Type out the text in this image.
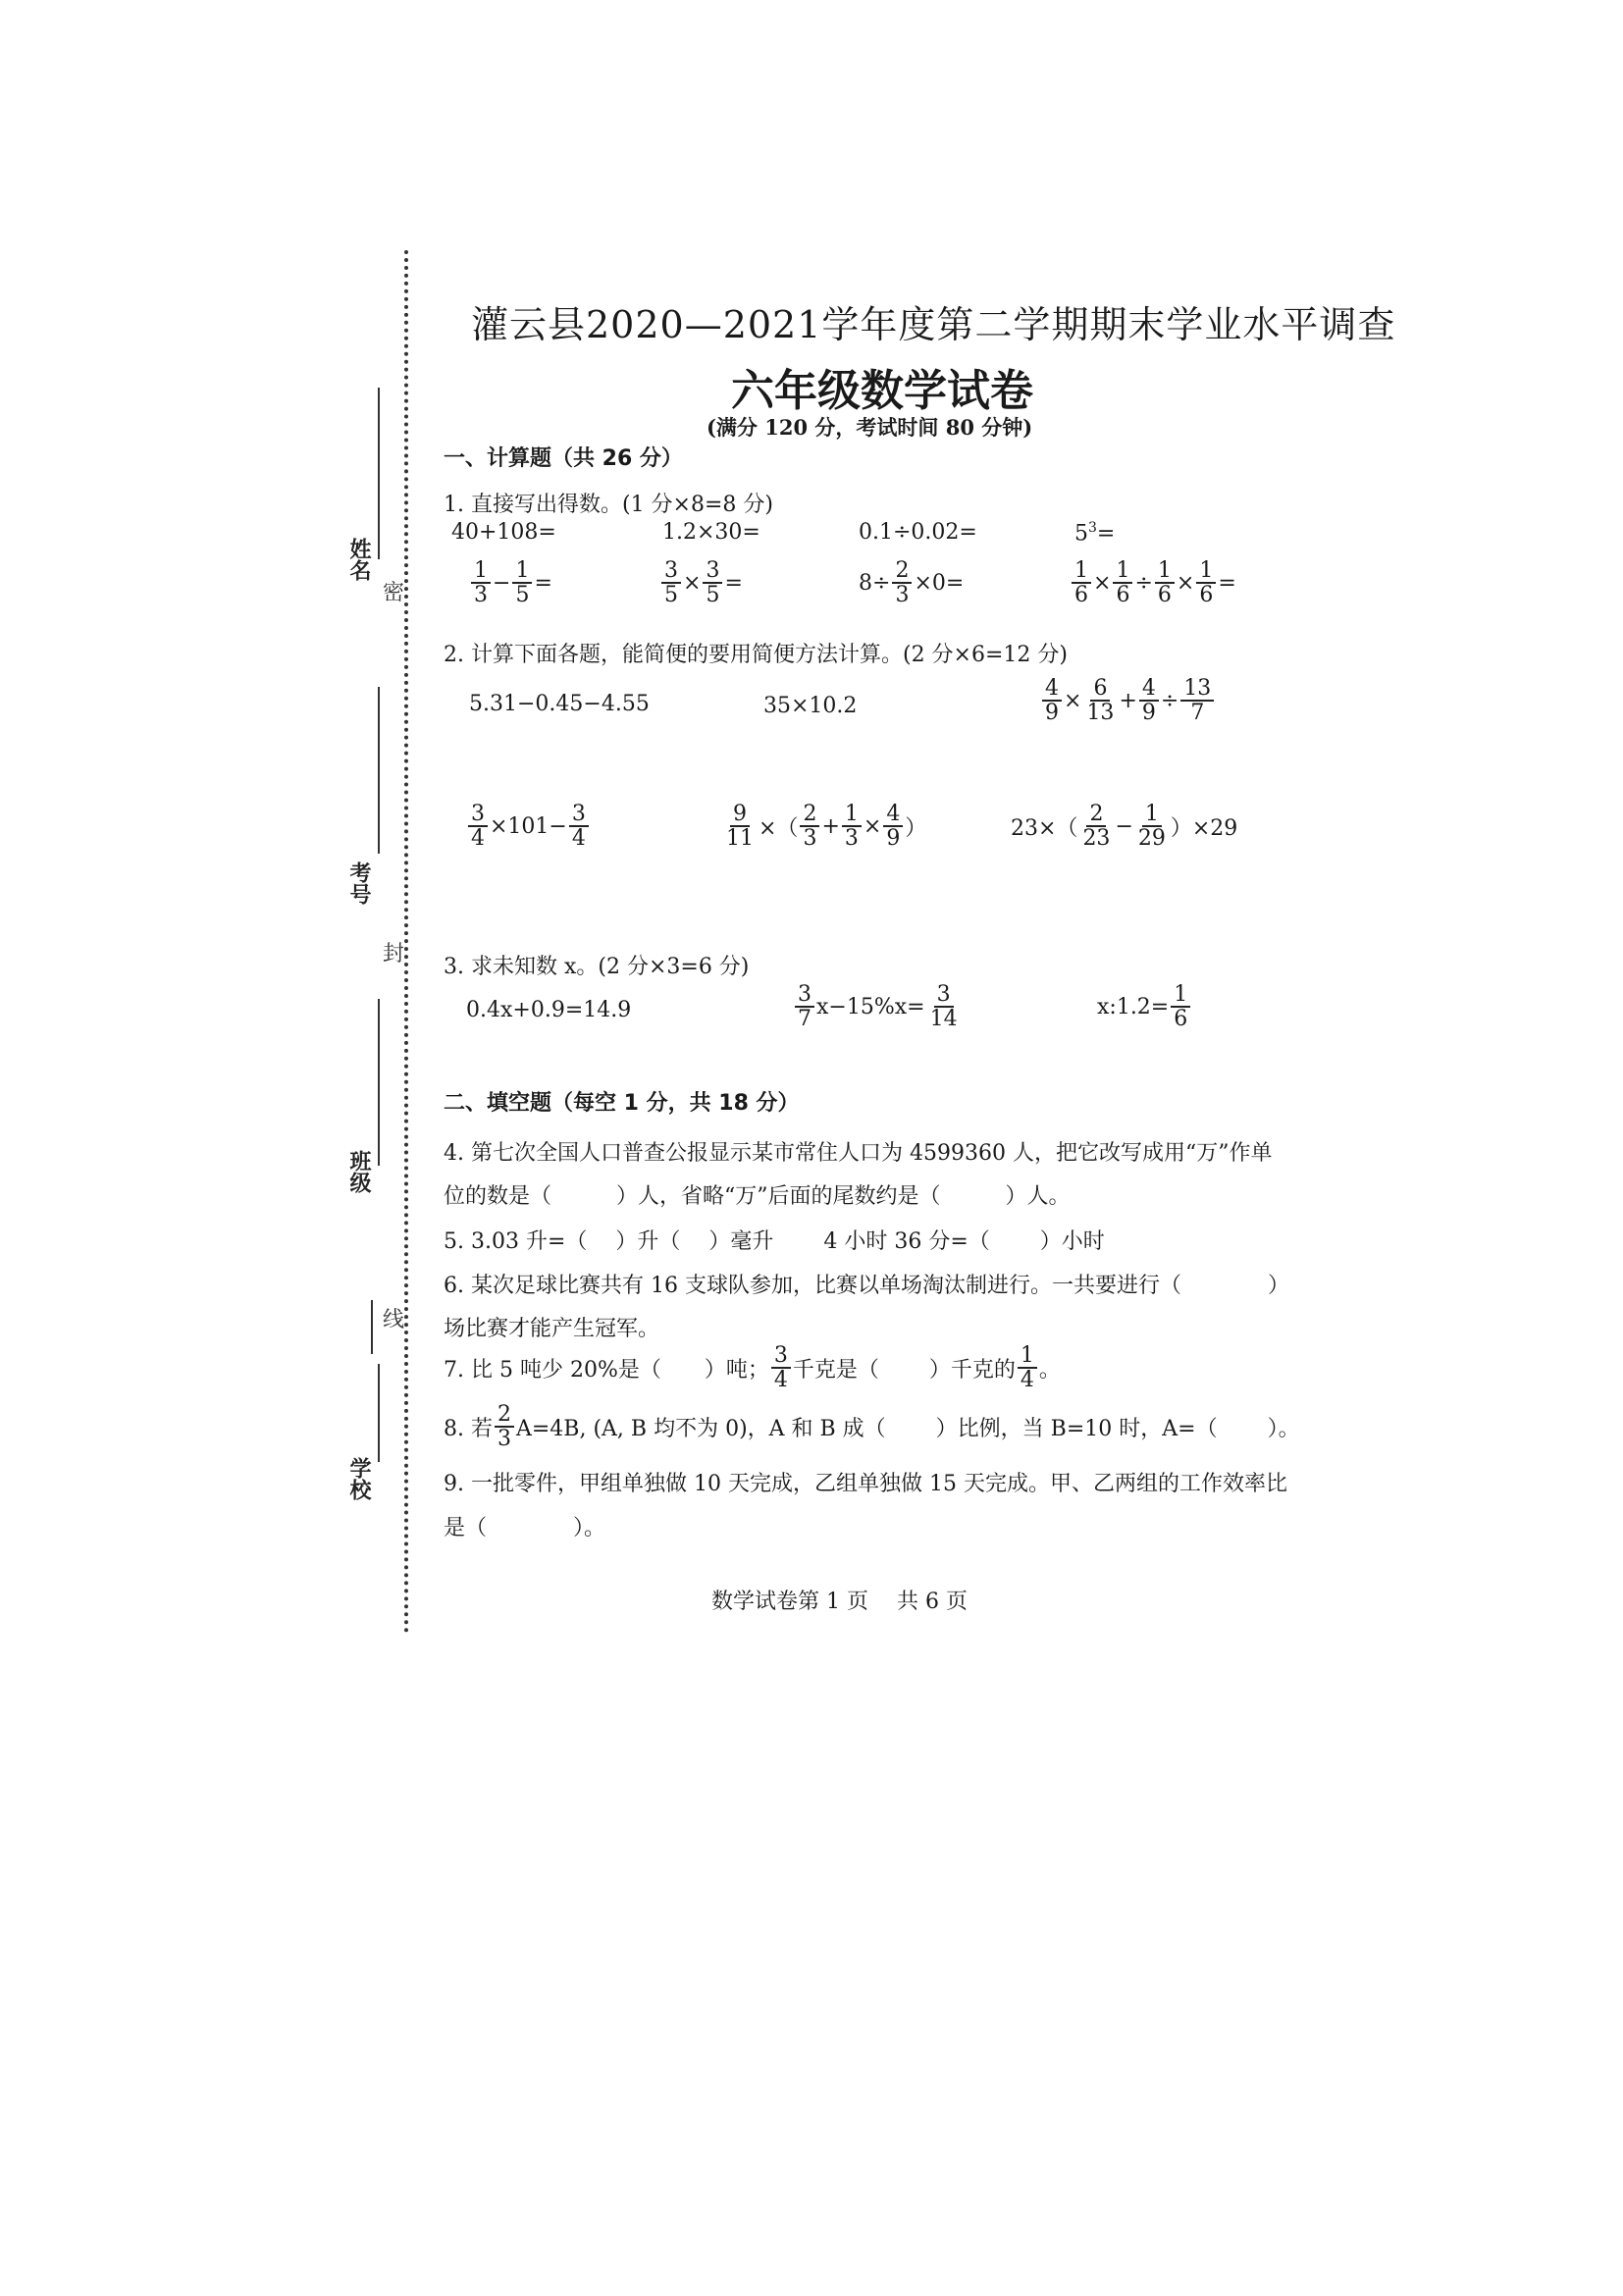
姓名
密
考号
封
班级
线
学校
灌云县2020—2021学年度第二学期期末学业水平调查
六年级数学试卷
(满分 120 分，考试时间 80 分钟)
一、计算题（共 26 分）
1. 直接写出得数。(1 分×8=8 分)
40+108=	1.2×30=	0.1÷0.02=	$5^3=$
$\frac{1}{3} - \frac{1}{5}$ =	$\frac{3}{5} \times \frac{3}{5}$ =	$8\div \frac{2}{3} \times 0=$	$\frac{1}{6} \times \frac{1}{6} \div \frac{1}{6} \times \frac{1}{6}$ =
2. 计算下面各题，能简便的要用简便方法计算。(2 分×6=12 分)
5.31−0.45−4.55	35×10.2	$\frac{4}{9} \times \frac{6}{13} + \frac{4}{9} \div \frac{13}{7}$
$\frac{3}{4} \times 101- \frac{3}{4}$	$\frac{9}{11}$ ×（ $\frac{2}{3} + \frac{1}{3} \times \frac{4}{9}$ ）	$23\times( \frac{2}{23} - \frac{1}{29} )\times 29$
3. 求未知数 x。(2 分×3=6 分)
0.4x+0.9=14.9	$\frac{3}{7} x-15\%x= \frac{3}{14}$	x:1.2= $\frac{1}{6}$
二、填空题（每空 1 分，共 18 分）
4. 第七次全国人口普查公报显示某市常住人口为 4599360 人，把它改写成用“万”作单
位的数是（　　　）人，省略“万”后面的尾数约是（　　　）人。
5. 3.03 升=（　 ）升（　 ）毫升　　 4 小时 36 分=（　　 ）小时
6. 某次足球比赛共有 16 支球队参加，比赛以单场淘汰制进行。一共要进行（　　　　）
场比赛才能产生冠军。
7. 比 5 吨少 20%是（　　）吨； $\frac{3}{4}$ 千克是（　　 ）千克的 $\frac{1}{4}$ 。
8. 若 $\frac{2}{3} A=4B$, (A, B 均不为 0)，A 和 B 成（　　 ）比例，当 B=10 时，A=（　　 ）。
9. 一批零件，甲组单独做 10 天完成，乙组单独做 15 天完成。甲、乙两组的工作效率比
是（　　　　）。
数学试卷第 1 页　 共 6 页
